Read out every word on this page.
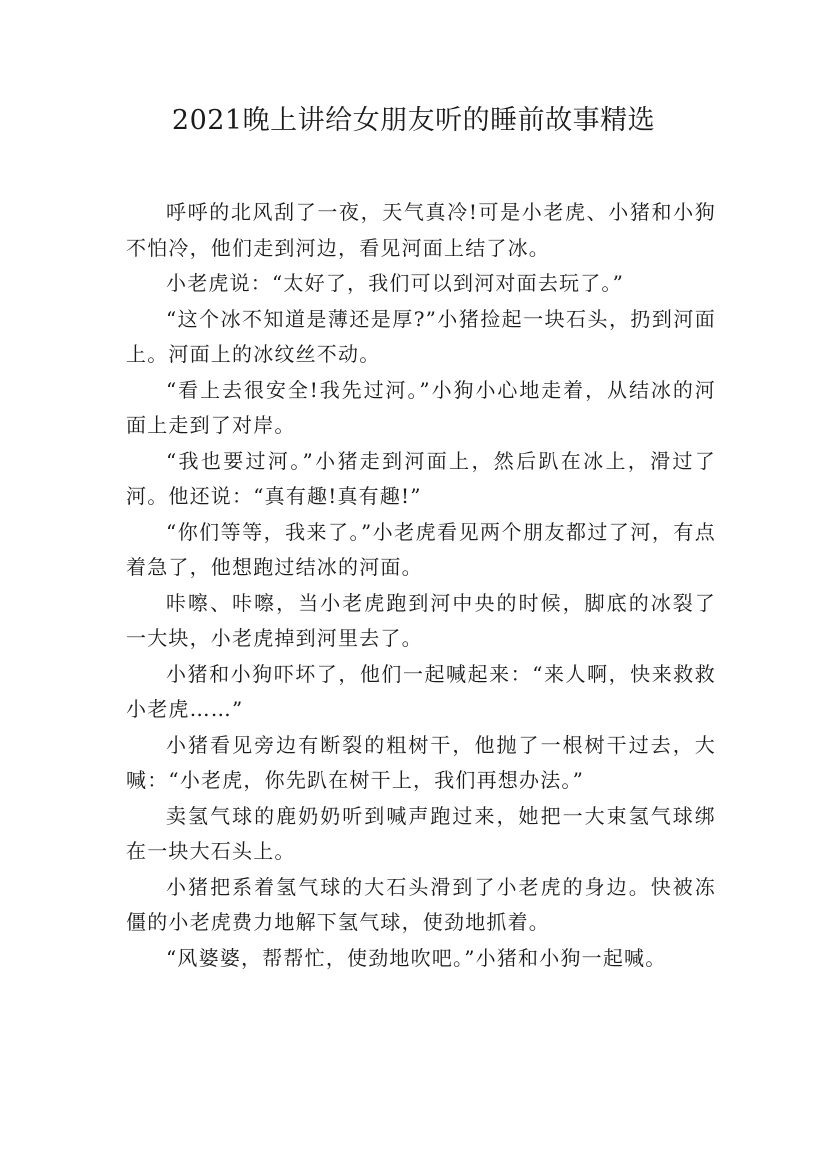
2021晚上讲给女朋友听的睡前故事精选

呼呼的北风刮了一夜，天气真冷!可是小老虎、小猪和小狗不怕冷，他们走到河边，看见河面上结了冰。

小老虎说：“太好了，我们可以到河对面去玩了。”

“这个冰不知道是薄还是厚?”小猪捡起一块石头，扔到河面上。河面上的冰纹丝不动。

“看上去很安全!我先过河。”小狗小心地走着，从结冰的河面上走到了对岸。

“我也要过河。”小猪走到河面上，然后趴在冰上，滑过了河。他还说：“真有趣!真有趣!”

“你们等等，我来了。”小老虎看见两个朋友都过了河，有点着急了，他想跑过结冰的河面。

咔嚓、咔嚓，当小老虎跑到河中央的时候，脚底的冰裂了一大块，小老虎掉到河里去了。

小猪和小狗吓坏了，他们一起喊起来：“来人啊，快来救救小老虎……”

小猪看见旁边有断裂的粗树干，他抛了一根树干过去，大喊：“小老虎，你先趴在树干上，我们再想办法。”

卖氢气球的鹿奶奶听到喊声跑过来，她把一大束氢气球绑在一块大石头上。

小猪把系着氢气球的大石头滑到了小老虎的身边。快被冻僵的小老虎费力地解下氢气球，使劲地抓着。

“风婆婆，帮帮忙，使劲地吹吧。”小猪和小狗一起喊。
